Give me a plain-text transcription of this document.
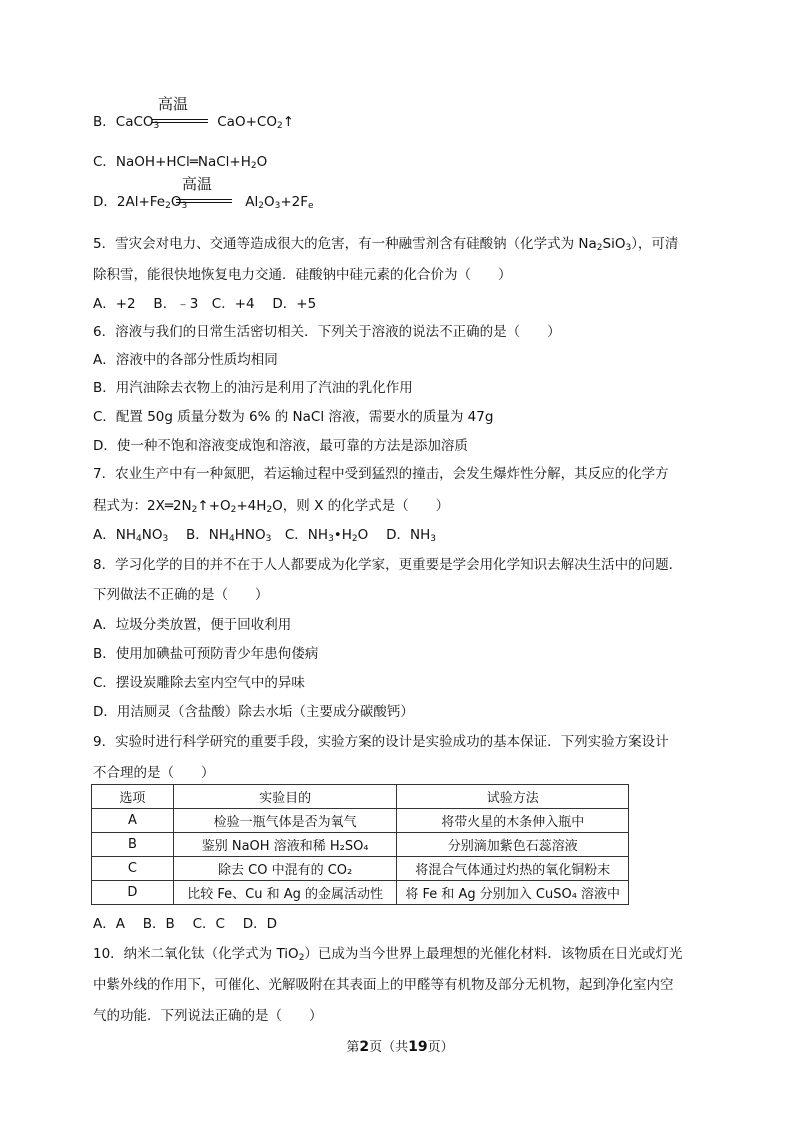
B．CaCO$_3$	$CaO+CO_2↑$
高温
C．$NaOH+HCl═NaCl+H_2O$
D．$2Al+Fe_2O_3$	$Al_2O_3+2F_e$
高温
5．雪灾会对电力、交通等造成很大的危害，有一种融雪剂含有硅酸钠（化学式为 $Na_2SiO_3$），可清
除积雪，能很快地恢复电力交通．硅酸钠中硅元素的化合价为（　　）
A．+2　 B．﹣3　C．+4　 D．+5
6．溶液与我们的日常生活密切相关．下列关于溶液的说法不正确的是（　　）
A．溶液中的各部分性质均相同
B．用汽油除去衣物上的油污是利用了汽油的乳化作用
C．配置 50g 质量分数为 6% 的 NaCl 溶液，需要水的质量为 47g
D．使一种不饱和溶液变成饱和溶液，最可靠的方法是添加溶质
7．农业生产中有一种氮肥，若运输过程中受到猛烈的撞击，会发生爆炸性分解，其反应的化学方
程式为：$2X═2N_2↑+O_2+4H_2O$，则 X 的化学式是（　　）
A．$NH_4NO_3$　 B．$NH_4HNO_3$　C．$NH_3•H_2O$　 D．$NH_3$
8．学习化学的目的并不在于人人都要成为化学家，更重要是学会用化学知识去解决生活中的问题．
下列做法不正确的是（　　）
A．垃圾分类放置，便于回收利用
B．使用加碘盐可预防青少年患佝偻病
C．摆设炭雕除去室内空气中的异味
D．用洁厕灵（含盐酸）除去水垢（主要成分碳酸钙）
9．实验时进行科学研究的重要手段，实验方案的设计是实验成功的基本保证．下列实验方案设计
不合理的是（　　）
选项	实验目的	试验方法
A	检验一瓶气体是否为氧气	将带火星的木条伸入瓶中
B	鉴别 NaOH 溶液和稀 H₂SO₄	分别滴加紫色石蕊溶液
C	除去 CO 中混有的 CO₂	将混合气体通过灼热的氧化铜粉末
D	比较 Fe、Cu 和 Ag 的金属活动性	将 Fe 和 Ag 分别加入 CuSO₄ 溶液中
A．A　 B．B　 C．C　 D．D
10．纳米二氧化钛（化学式为 TiO$_2$）已成为当今世界上最理想的光催化材料．该物质在日光或灯光
中紫外线的作用下，可催化、光解吸附在其表面上的甲醛等有机物及部分无机物，起到净化室内空
气的功能．下列说法正确的是（　　）
第2页（共19页）
